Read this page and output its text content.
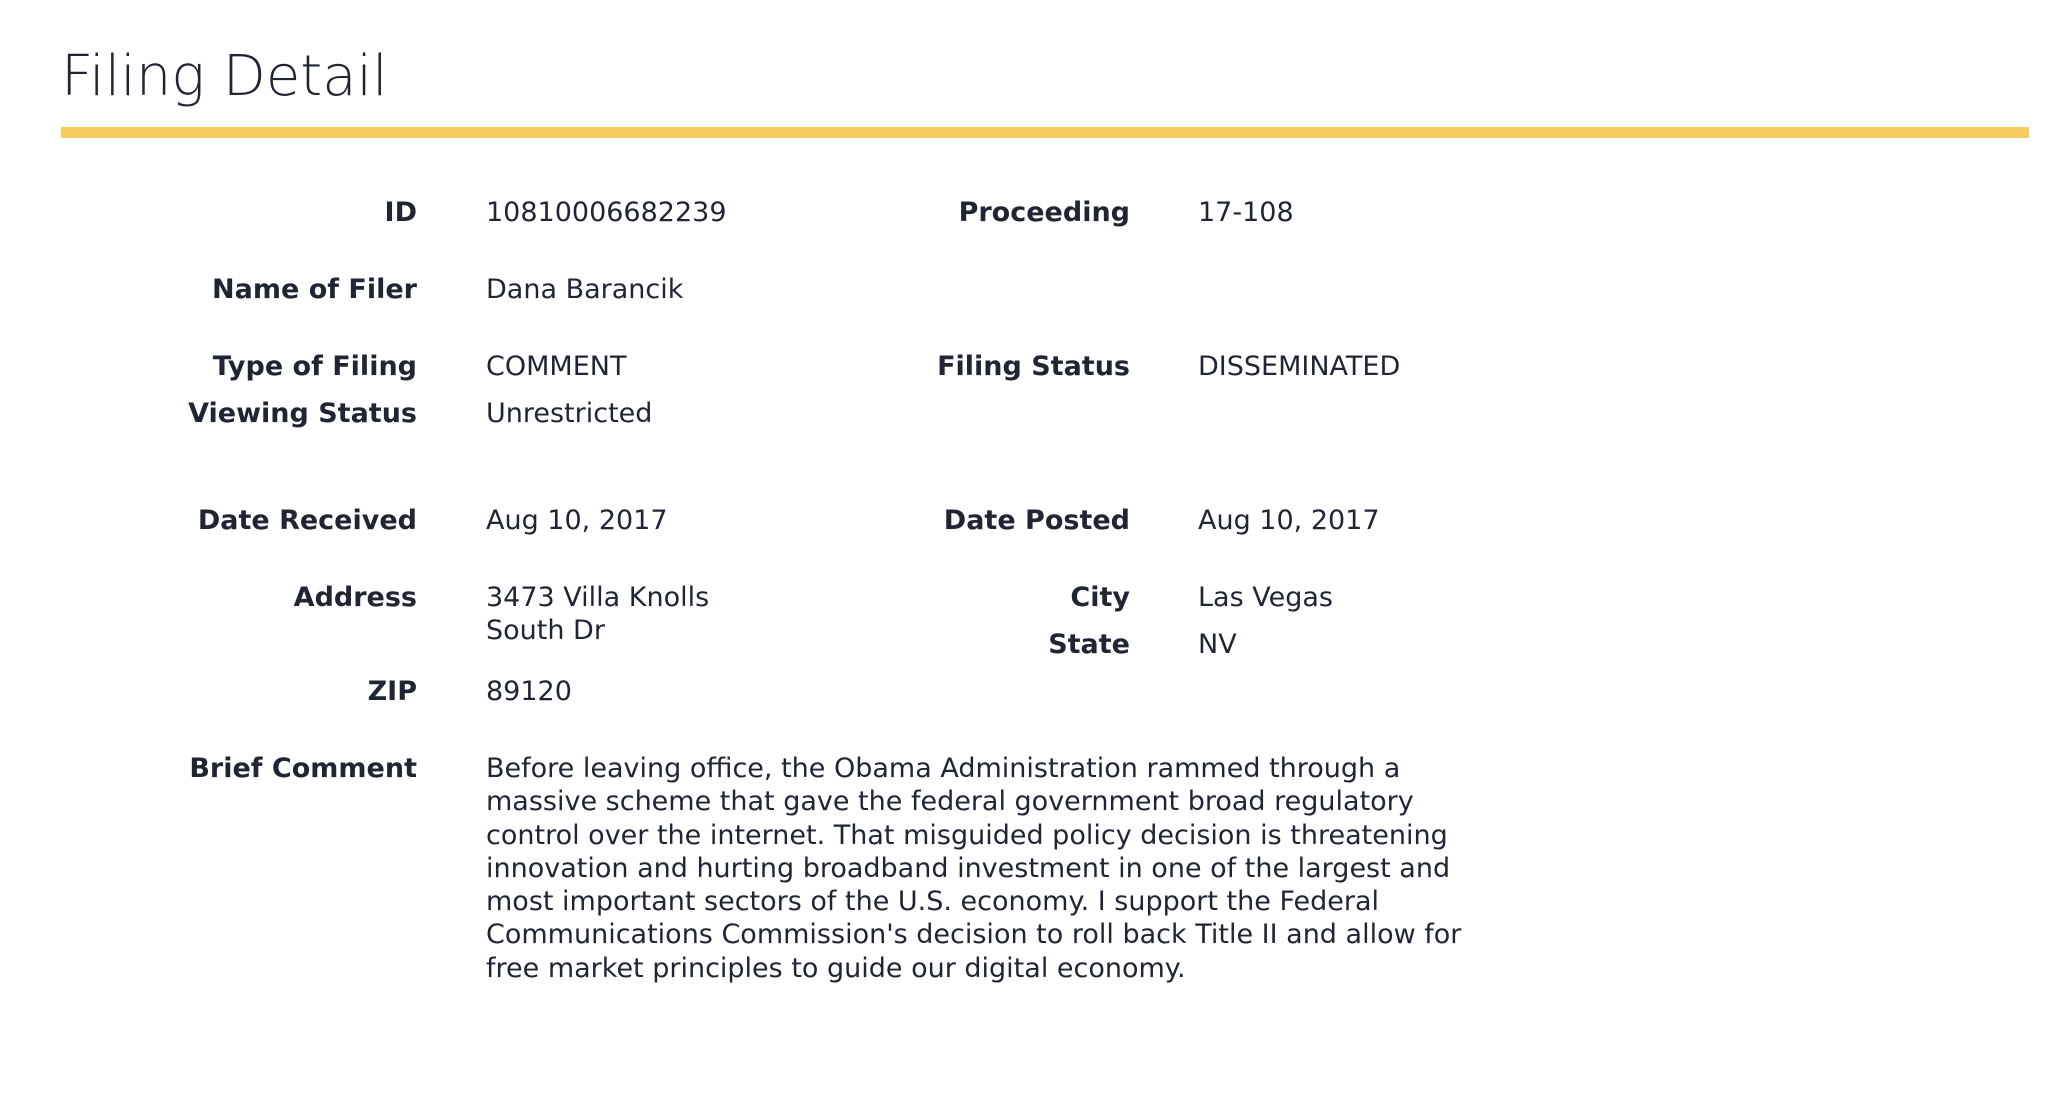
Filing Detail
ID	10810006682239	Proceeding	17-108
Name of Filer	Dana Barancik
Type of Filing	COMMENT	Filing Status	DISSEMINATED
Viewing Status	Unrestricted
Date Received	Aug 10, 2017	Date Posted	Aug 10, 2017
Address	3473 Villa Knolls
South Dr
City	Las Vegas
State	NV
ZIP	89120
Brief Comment	Before leaving office, the Obama Administration rammed through a massive scheme that gave the federal government broad regulatory control over the internet. That misguided policy decision is threatening innovation and hurting broadband investment in one of the largest and most important sectors of the U.S. economy. I support the Federal Communications Commission's decision to roll back Title II and allow for free market principles to guide our digital economy.
